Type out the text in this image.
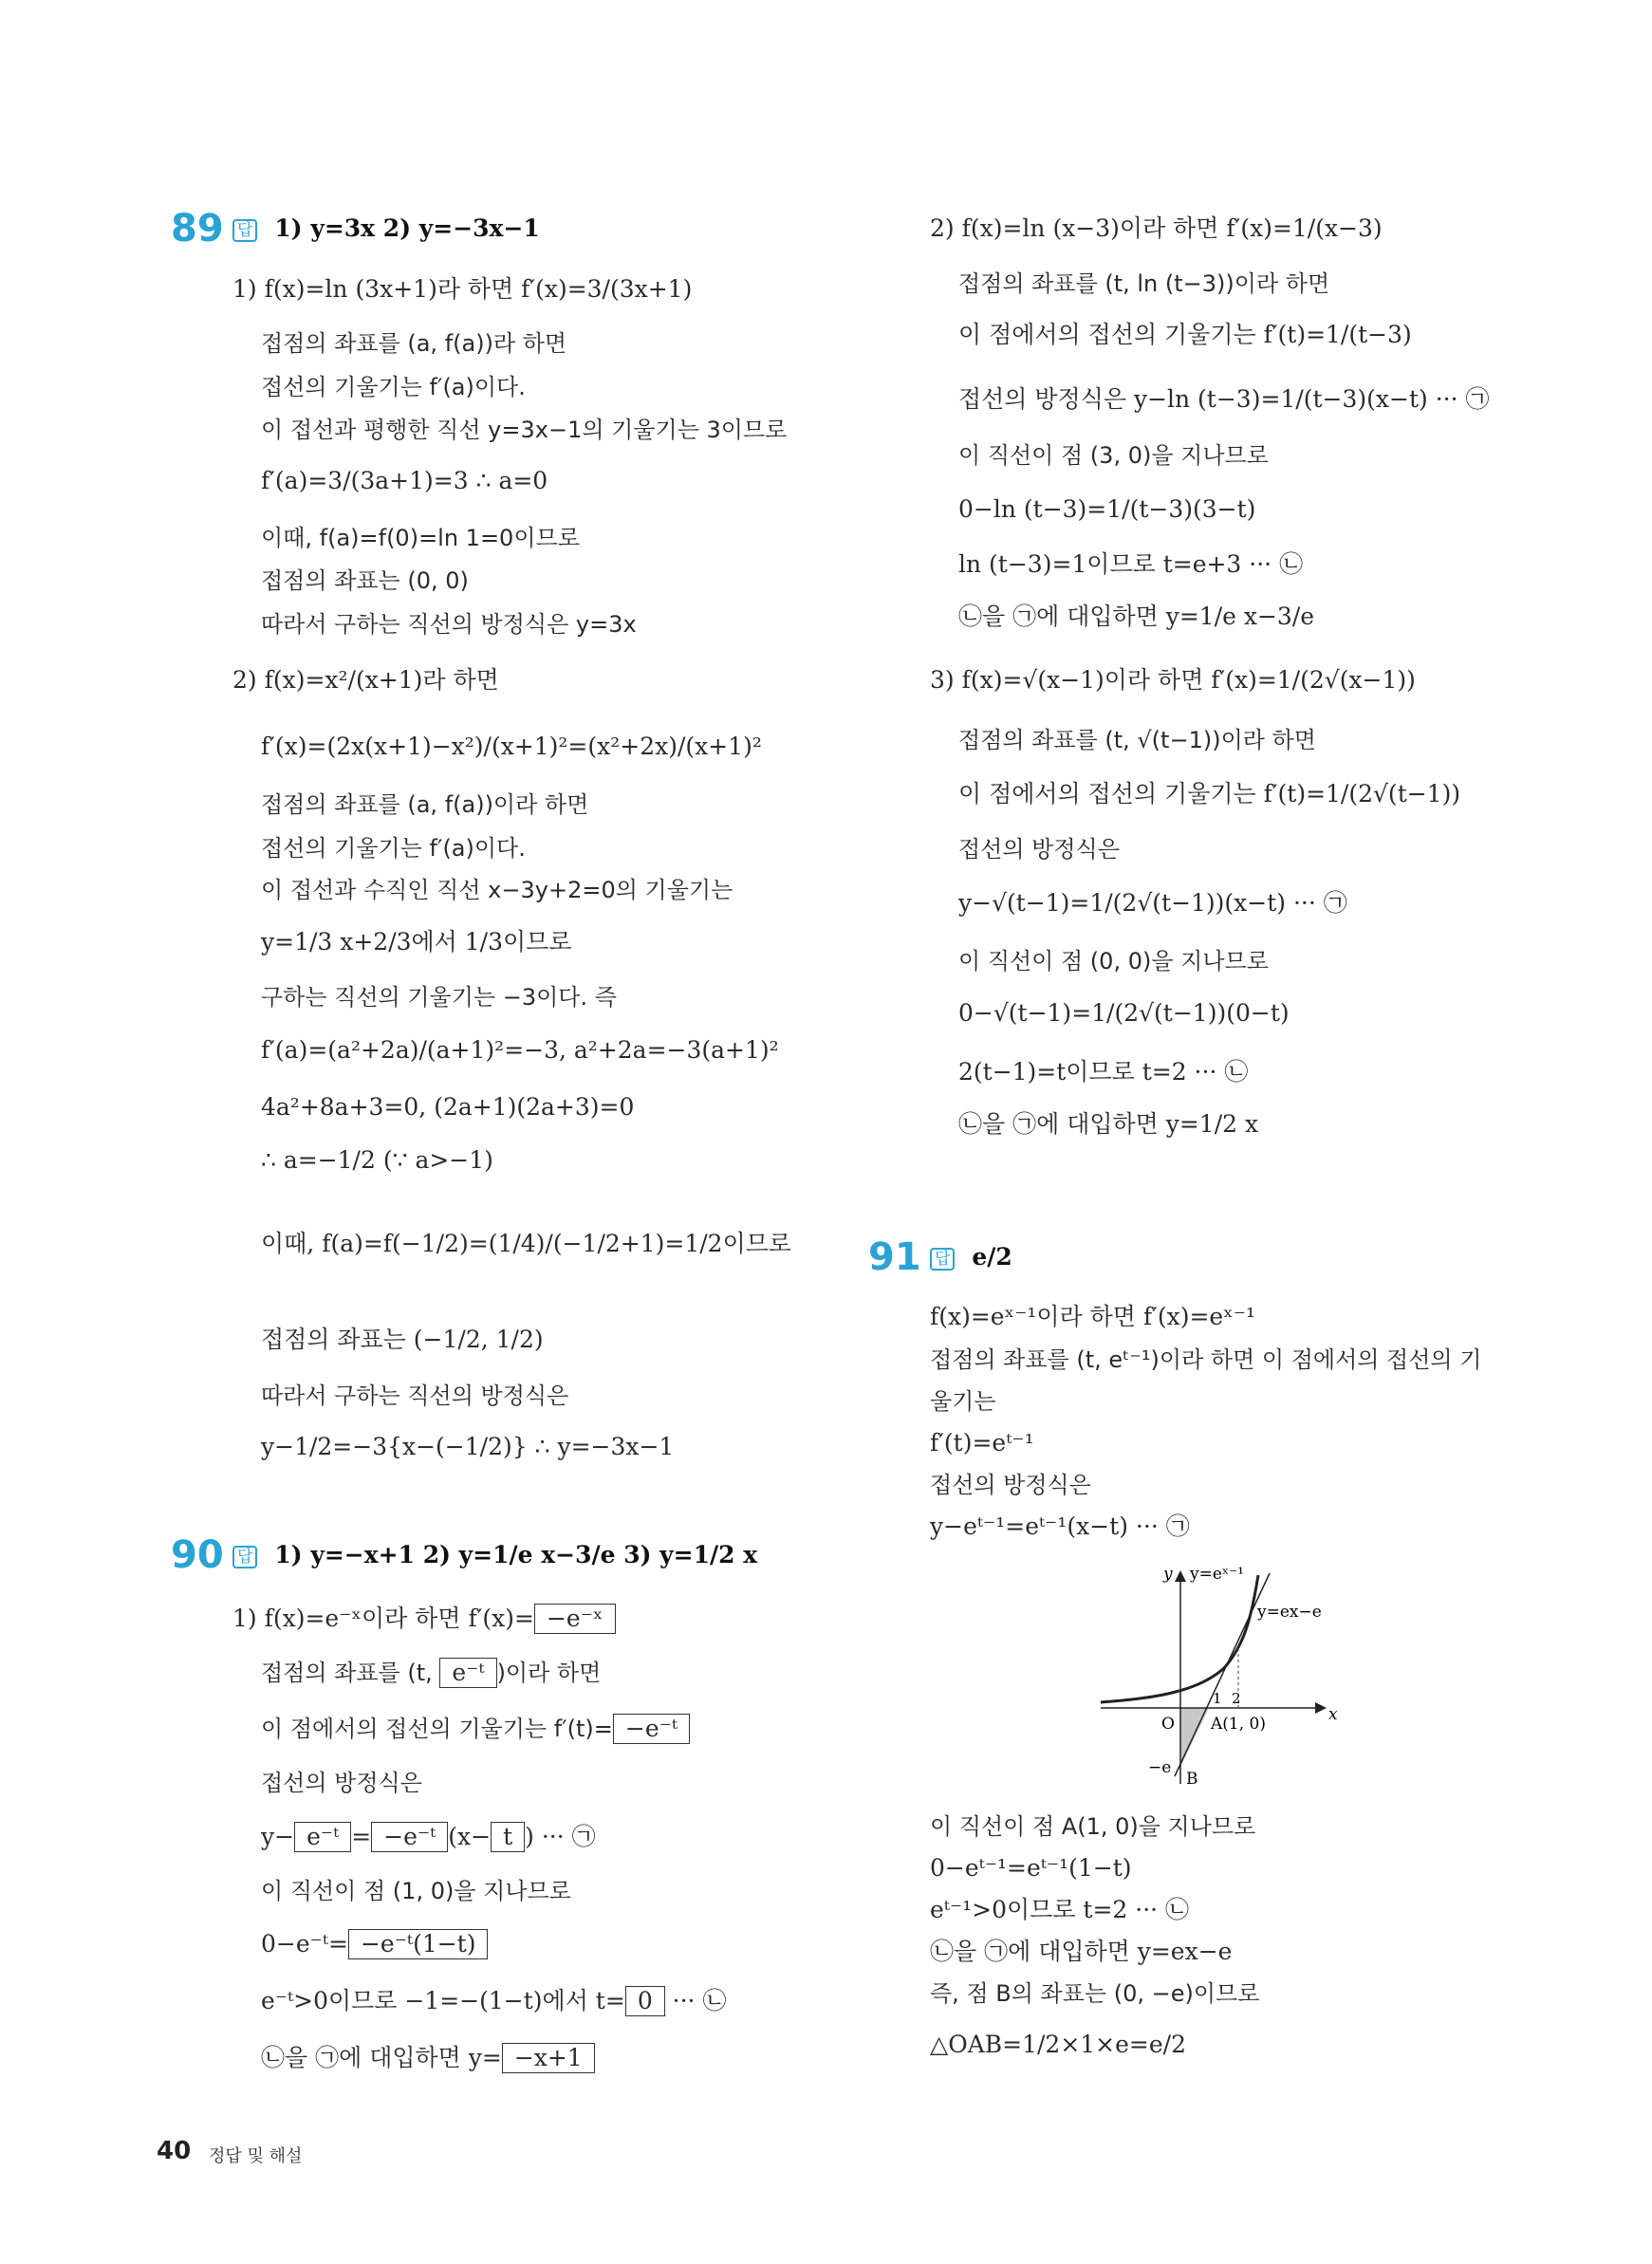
89 답 1) y=3x 2) y=−3x−1
1) f(x)=ln (3x+1)라 하면 f′(x)=3/(3x+1)
접점의 좌표를 (a, f(a))라 하면
접선의 기울기는 f′(a)이다.
이 접선과 평행한 직선 y=3x−1의 기울기는 3이므로
f′(a)=3/(3a+1)=3 ∴ a=0
이때, f(a)=f(0)=ln 1=0이므로
접점의 좌표는 (0, 0)
따라서 구하는 직선의 방정식은 y=3x
2) f(x)=x²/(x+1)라 하면
f′(x)=(2x(x+1)−x²)/(x+1)²=(x²+2x)/(x+1)²
접점의 좌표를 (a, f(a))이라 하면
접선의 기울기는 f′(a)이다.
이 접선과 수직인 직선 x−3y+2=0의 기울기는
y=1/3 x+2/3에서 1/3이므로
구하는 직선의 기울기는 −3이다. 즉
f′(a)=(a²+2a)/(a+1)²=−3, a²+2a=−3(a+1)²
4a²+8a+3=0, (2a+1)(2a+3)=0
∴ a=−1/2 (∵ a>−1)
이때, f(a)=f(−1/2)=(1/4)/(−1/2+1)=1/2이므로
접점의 좌표는 (−1/2, 1/2)
따라서 구하는 직선의 방정식은
y−1/2=−3{x−(−1/2)} ∴ y=−3x−1
90 답 1) y=−x+1 2) y=1/e x−3/e 3) y=1/2 x
1) f(x)=e⁻ˣ이라 하면 f′(x)= −e⁻ˣ
접점의 좌표를 (t, e⁻ᵗ )이라 하면
이 점에서의 접선의 기울기는 f′(t)= −e⁻ᵗ
접선의 방정식은
y− e⁻ᵗ = −e⁻ᵗ (x− t ) ··· ㉠
이 직선이 점 (1, 0)을 지나므로
0−e⁻ᵗ= −e⁻ᵗ(1−t)
e⁻ᵗ>0이므로 −1=−(1−t)에서 t= 0 ··· ㉡
㉡을 ㉠에 대입하면 y= −x+1
2) f(x)=ln (x−3)이라 하면 f′(x)=1/(x−3)
접점의 좌표를 (t, ln (t−3))이라 하면
이 점에서의 접선의 기울기는 f′(t)=1/(t−3)
접선의 방정식은 y−ln (t−3)=1/(t−3)(x−t) ··· ㉠
이 직선이 점 (3, 0)을 지나므로
0−ln (t−3)=1/(t−3)(3−t)
ln (t−3)=1이므로 t=e+3 ··· ㉡
㉡을 ㉠에 대입하면 y=1/e x−3/e
3) f(x)=√(x−1)이라 하면 f′(x)=1/(2√(x−1))
접점의 좌표를 (t, √(t−1))이라 하면
이 점에서의 접선의 기울기는 f′(t)=1/(2√(t−1))
접선의 방정식은
y−√(t−1)=1/(2√(t−1))(x−t) ··· ㉠
이 직선이 점 (0, 0)을 지나므로
0−√(t−1)=1/(2√(t−1))(0−t)
2(t−1)=t이므로 t=2 ··· ㉡
㉡을 ㉠에 대입하면 y=1/2 x
91 답 e/2
f(x)=eˣ⁻¹이라 하면 f′(x)=eˣ⁻¹
접점의 좌표를 (t, eᵗ⁻¹)이라 하면 이 점에서의 접선의 기
울기는
f′(t)=eᵗ⁻¹
접선의 방정식은
y−eᵗ⁻¹=eᵗ⁻¹(x−t) ··· ㉠
y y=eˣ⁻¹
y=ex−e
x
O A(1, 0)
−e
B
1 2
이 직선이 점 A(1, 0)을 지나므로
0−eᵗ⁻¹=eᵗ⁻¹(1−t)
eᵗ⁻¹>0이므로 t=2 ··· ㉡
㉡을 ㉠에 대입하면 y=ex−e
즉, 점 B의 좌표는 (0, −e)이므로
△OAB=1/2×1×e=e/2
40 정답 및 해설
